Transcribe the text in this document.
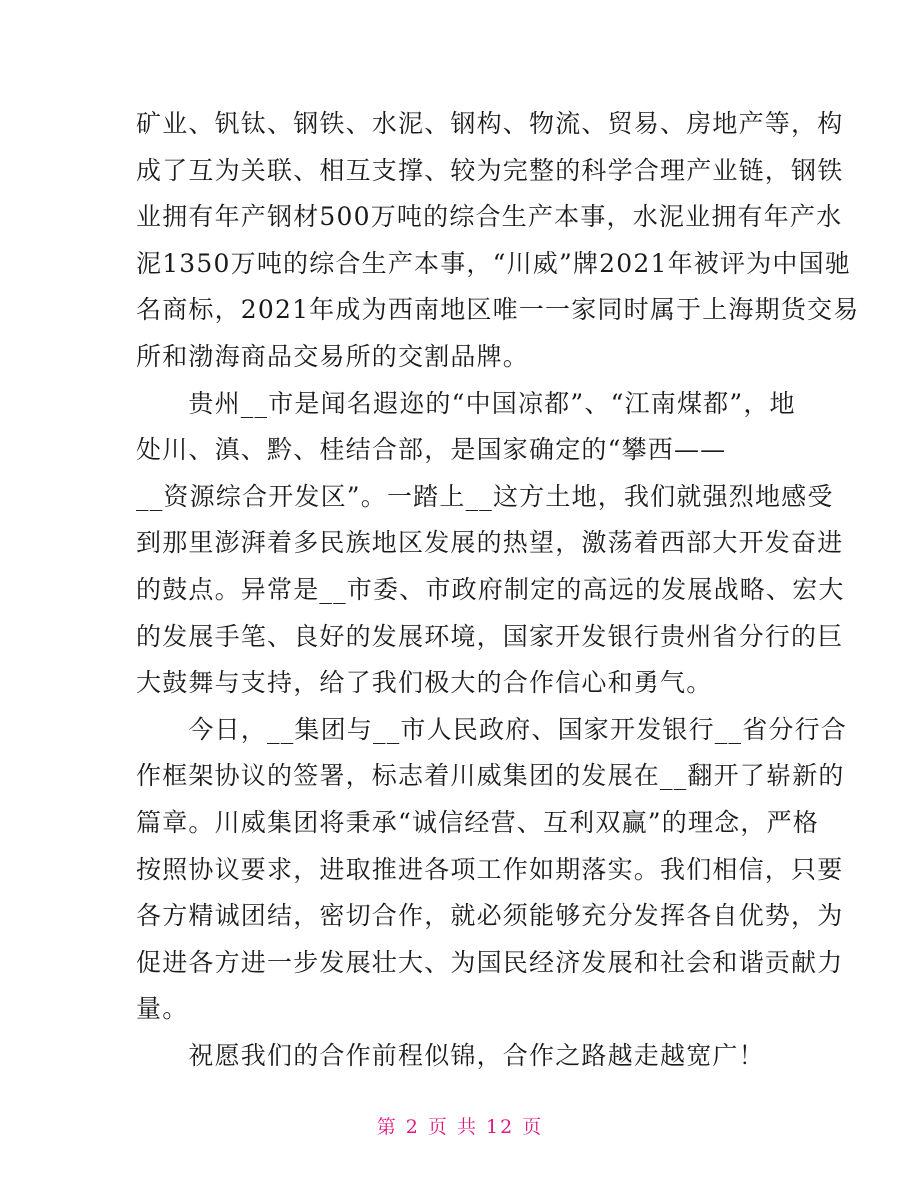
矿业、钒钛、钢铁、水泥、钢构、物流、贸易、房地产等，构
成了互为关联、相互支撑、较为完整的科学合理产业链，钢铁
业拥有年产钢材500万吨的综合生产本事，水泥业拥有年产水
泥1350万吨的综合生产本事，“川威”牌2021年被评为中国驰
名商标，2021年成为西南地区唯一一家同时属于上海期货交易
所和渤海商品交易所的交割品牌。
　　贵州__市是闻名遐迩的“中国凉都”、“江南煤都”，地
处川、滇、黔、桂结合部，是国家确定的“攀西——
__资源综合开发区”。一踏上__这方土地，我们就强烈地感受
到那里澎湃着多民族地区发展的热望，激荡着西部大开发奋进
的鼓点。异常是__市委、市政府制定的高远的发展战略、宏大
的发展手笔、良好的发展环境，国家开发银行贵州省分行的巨
大鼓舞与支持，给了我们极大的合作信心和勇气。
　　今日，__集团与__市人民政府、国家开发银行__省分行合
作框架协议的签署，标志着川威集团的发展在__翻开了崭新的
篇章。川威集团将秉承“诚信经营、互利双赢”的理念，严格
按照协议要求，进取推进各项工作如期落实。我们相信，只要
各方精诚团结，密切合作，就必须能够充分发挥各自优势，为
促进各方进一步发展壮大、为国民经济发展和社会和谐贡献力
量。
　　祝愿我们的合作前程似锦，合作之路越走越宽广！
第 2 页 共 12 页
